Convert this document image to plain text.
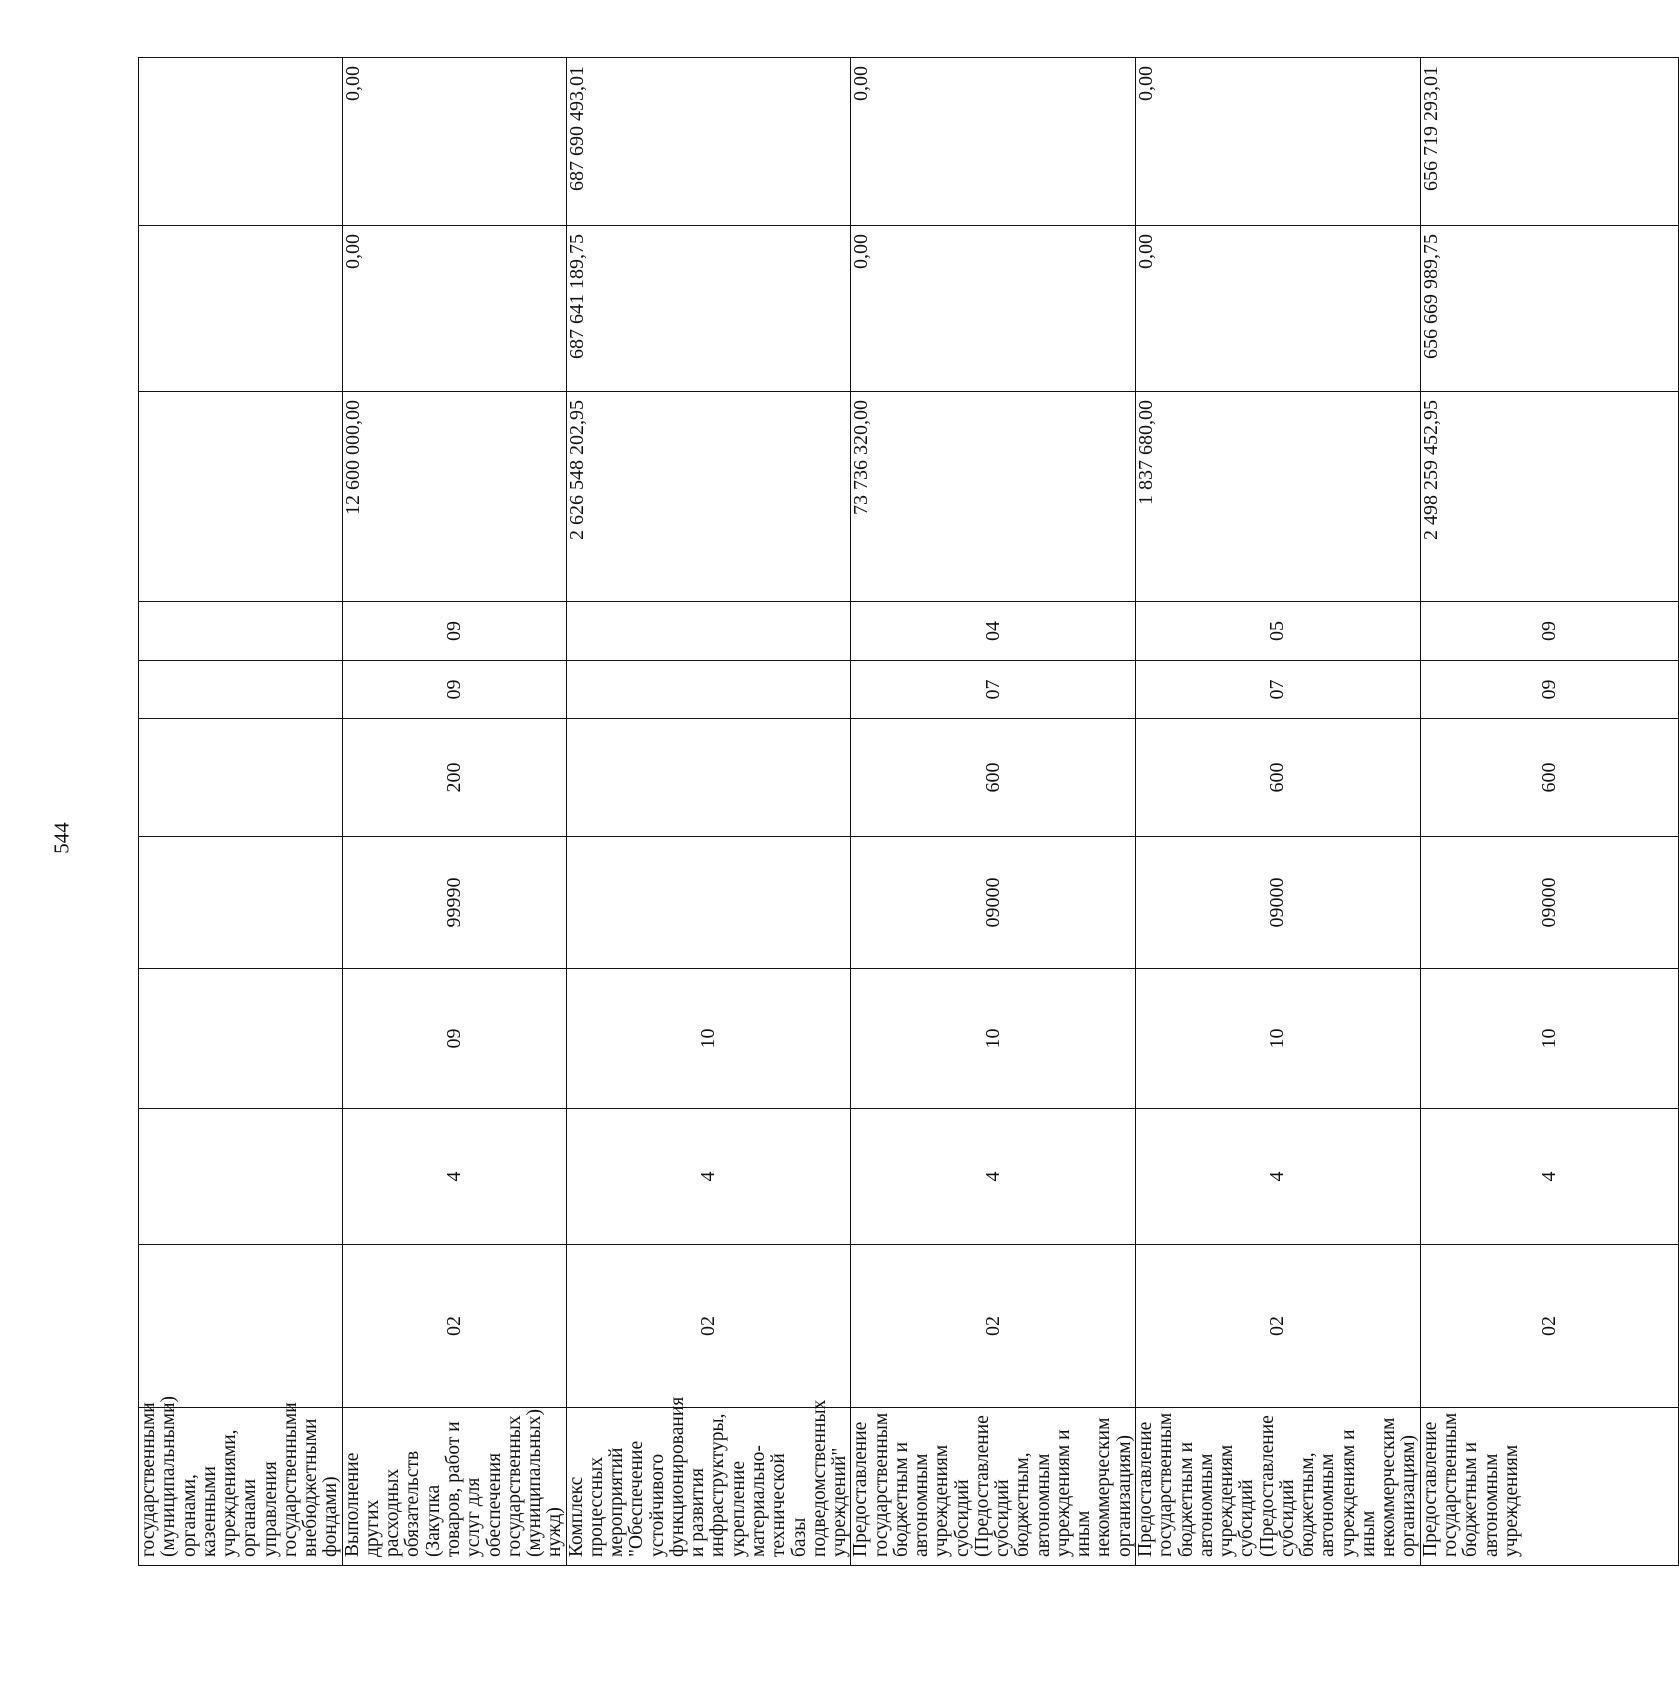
544
государственными (муниципальными) органами, казенными учреждениями, органами управления государственными внебюджетными фондами)										
Выполнение других расходных обязательств (Закупка товаров, работ и услуг для обеспечения государственных (муниципальных) нужд)	02	4	09	99990	200	09	09	12 600 000,00	0,00	0,00
Комплекс процессных мероприятий "Обеспечение устойчивого функционирования и развития инфраструктуры, укрепление материально-технической базы подведомственных учреждений"	02	4	10					2 626 548 202,95	687 641 189,75	687 690 493,01
Предоставление государственным бюджетным и автономным учреждениям субсидий (Предоставление субсидий бюджетным, автономным учреждениям и иным некоммерческим организациям)	02	4	10	09000	600	07	04	73 736 320,00	0,00	0,00
Предоставление государственным бюджетным и автономным учреждениям субсидий (Предоставление субсидий бюджетным, автономным учреждениям и иным некоммерческим организациям)	02	4	10	09000	600	07	05	1 837 680,00	0,00	0,00
Предоставление государственным бюджетным и автономным учреждениям	02	4	10	09000	600	09	09	2 498 259 452,95	656 669 989,75	656 719 293,01
